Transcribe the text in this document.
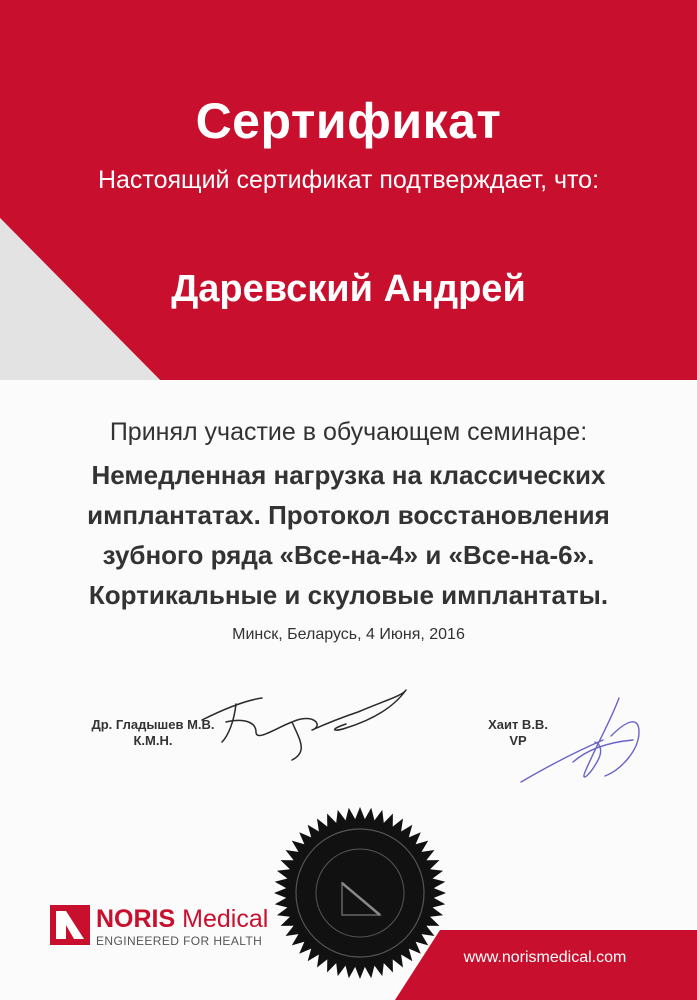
Сертификат
Настоящий сертификат подтверждает, что:
Даревский Андрей
Принял участие в обучающем семинаре:
Немедленная нагрузка на классических
имплантатах. Протокол восстановления
зубного ряда «Все-на-4» и «Все-на-6».
Кортикальные и скуловые имплантаты.
Минск, Беларусь, 4 Июня, 2016
Др. Гладышев М.В.
К.М.Н.
Хаит В.В.
VP
NORIS Medical
ENGINEERED FOR HEALTH
www.norismedical.com
